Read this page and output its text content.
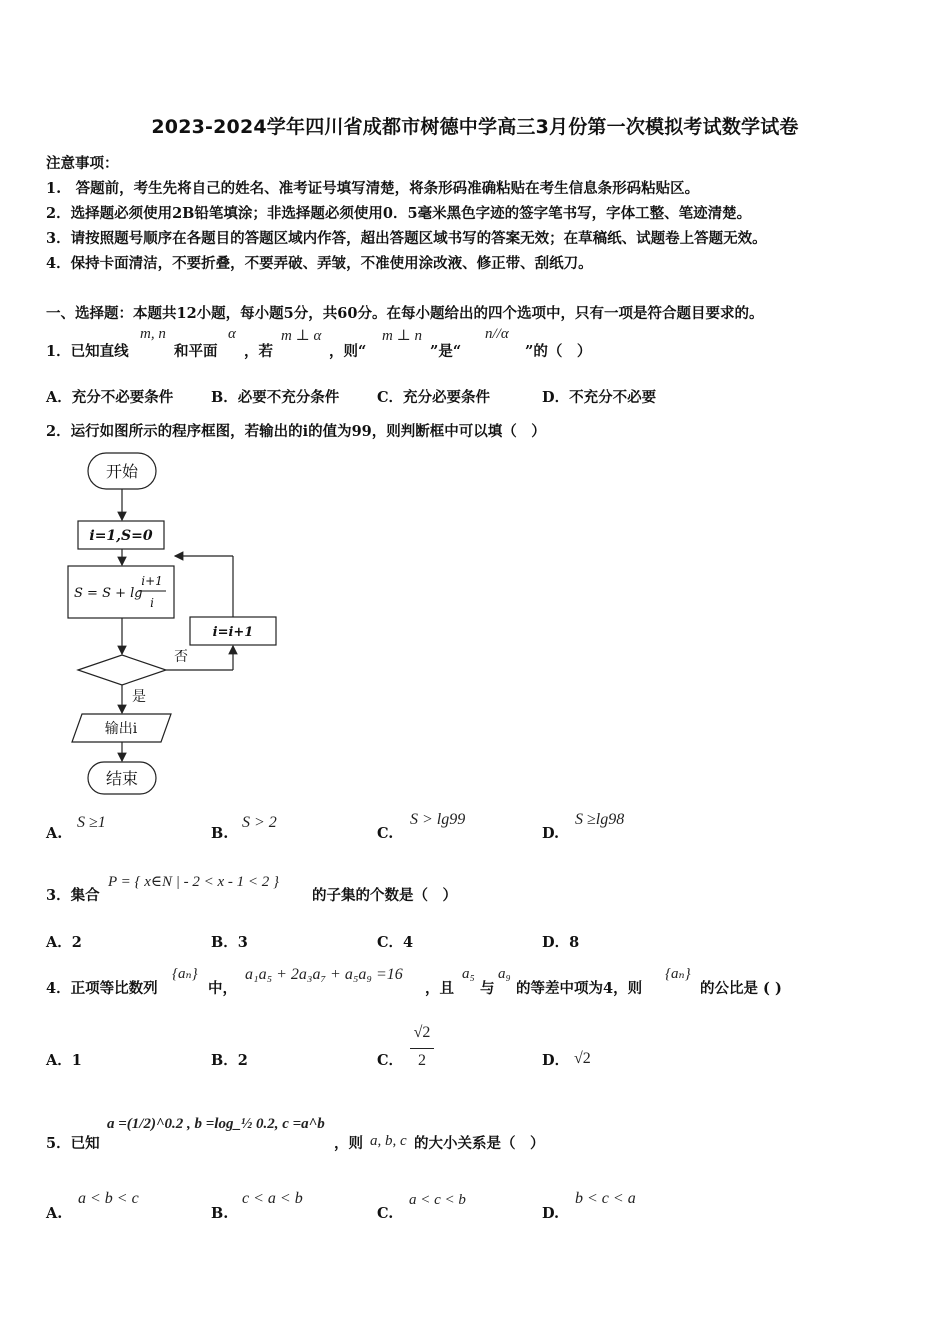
2023-2024学年四川省成都市树德中学高三3月份第一次模拟考试数学试卷
注意事项：
1.　答题前，考生先将自己的姓名、准考证号填写清楚，将条形码准确粘贴在考生信息条形码粘贴区。
2．选择题必须使用2B铅笔填涂；非选择题必须使用0．5毫米黑色字迹的签字笔书写，字体工整、笔迹清楚。
3．请按照题号顺序在各题目的答题区域内作答，超出答题区域书写的答案无效；在草稿纸、试题卷上答题无效。
4．保持卡面清洁，不要折叠，不要弄破、弄皱，不准使用涂改液、修正带、刮纸刀。
一、选择题：本题共12小题，每小题5分，共60分。在每小题给出的四个选项中，只有一项是符合题目要求的。
1．已知直线
m, n
和平面
α
，若
m ⊥ α
，则“
m ⊥ n
”是“
n//α
”的（　）
A．充分不必要条件	B．必要不充分条件	C．充分必要条件	D．不充分不必要
2．运行如图所示的程序框图，若输出的i的值为99，则判断框中可以填（　）
开始
i=1,S=0
S = S + lg
i+1
i
i=i+1
否
是
输出i
结束
A.
S ≥1
B.
S > 2
C.
S > lg99
D.
S ≥lg98
3．集合
P = { x∈N | - 2 < x - 1 < 2 }
的子集的个数是（　）
A．2	B．3	C．4	D．8
4．正项等比数列
{aₙ}
中，
a₁a₅ + 2a₃a₇ + a₅a₉ =16
，且
a₅
与
a₉
的等差中项为4，则
{aₙ}
的公比是 ( )
A．1	B．2	C．
√2
2	D． √2
5．已知
a =(1/2)^0.2 , b =log_½ 0.2, c =a^b
，则 a, b, c 的大小关系是（　）
A.
a < b < c
B.
c < a < b
C.
a < c < b
D.
b < c < a
